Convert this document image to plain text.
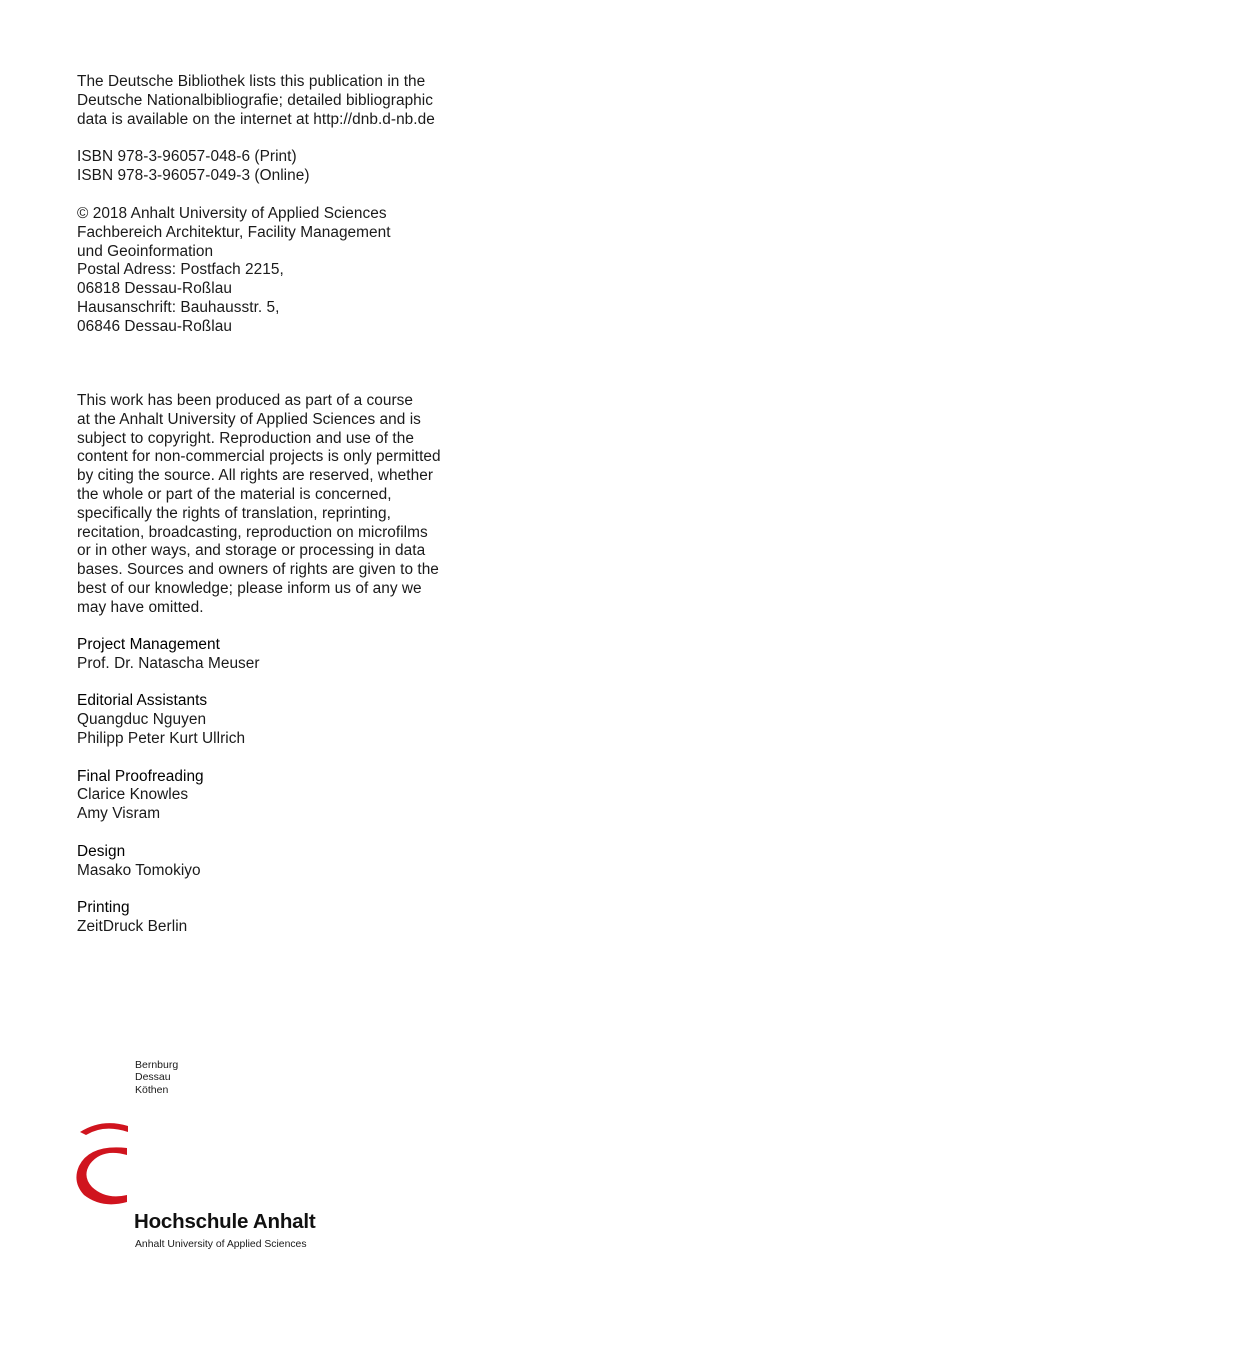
The Deutsche Bibliothek lists this publication in the
Deutsche Nationalbibliografie; detailed bibliographic
data is available on the internet at http://dnb.d-nb.de
ISBN 978-3-96057-048-6 (Print)
ISBN 978-3-96057-049-3 (Online)
© 2018 Anhalt University of Applied Sciences
Fachbereich Architektur, Facility Management
und Geoinformation
Postal Adress: Postfach 2215,
06818 Dessau-Roßlau
Hausanschrift: Bauhausstr. 5,
06846 Dessau-Roßlau
This work has been produced as part of a course
at the Anhalt University of Applied Sciences and is
subject to copyright. Reproduction and use of the
content for non-commercial projects is only permitted
by citing the source. All rights are reserved, whether
the whole or part of the material is concerned,
specifically the rights of translation, reprinting,
recitation, broadcasting, reproduction on microfilms
or in other ways, and storage or processing in data
bases. Sources and owners of rights are given to the
best of our knowledge; please inform us of any we
may have omitted.
Project Management
Prof. Dr. Natascha Meuser
Editorial Assistants
Quangduc Nguyen
Philipp Peter Kurt Ullrich
Final Proofreading
Clarice Knowles
Amy Visram
Design
Masako Tomokiyo
Printing
ZeitDruck Berlin
Bernburg
Dessau
Köthen
Hochschule Anhalt
Anhalt University of Applied Sciences
